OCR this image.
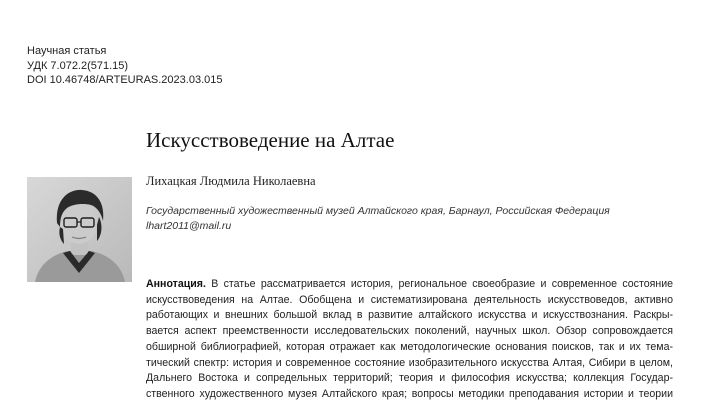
Научная статья
УДК 7.072.2(571.15)
DOI 10.46748/ARTEURAS.2023.03.015
Искусствоведение на Алтае
Лихацкая Людмила Николаевна
Государственный художественный музей Алтайского края, Барнаул, Российская Федерация
lhart2011@mail.ru
Аннотация. В статье рассматривается история, региональное своеобразие и современное состояние
искусствоведения на Алтае. Обобщена и систематизирована деятельность искусствоведов, активно
работающих и внешних большой вклад в развитие алтайского искусства и искусствознания. Раскры-
вается аспект преемственности исследовательских поколений, научных школ. Обзор сопровождается
обширной библиографией, которая отражает как методологические основания поисков, так и их тема-
тический спектр: история и современное состояние изобразительного искусства Алтая, Сибири в целом,
Дальнего Востока и сопредельных территорий; теория и философия искусства; коллекция Государ-
ственного художественного музея Алтайского края; вопросы методики преподавания истории и теории
